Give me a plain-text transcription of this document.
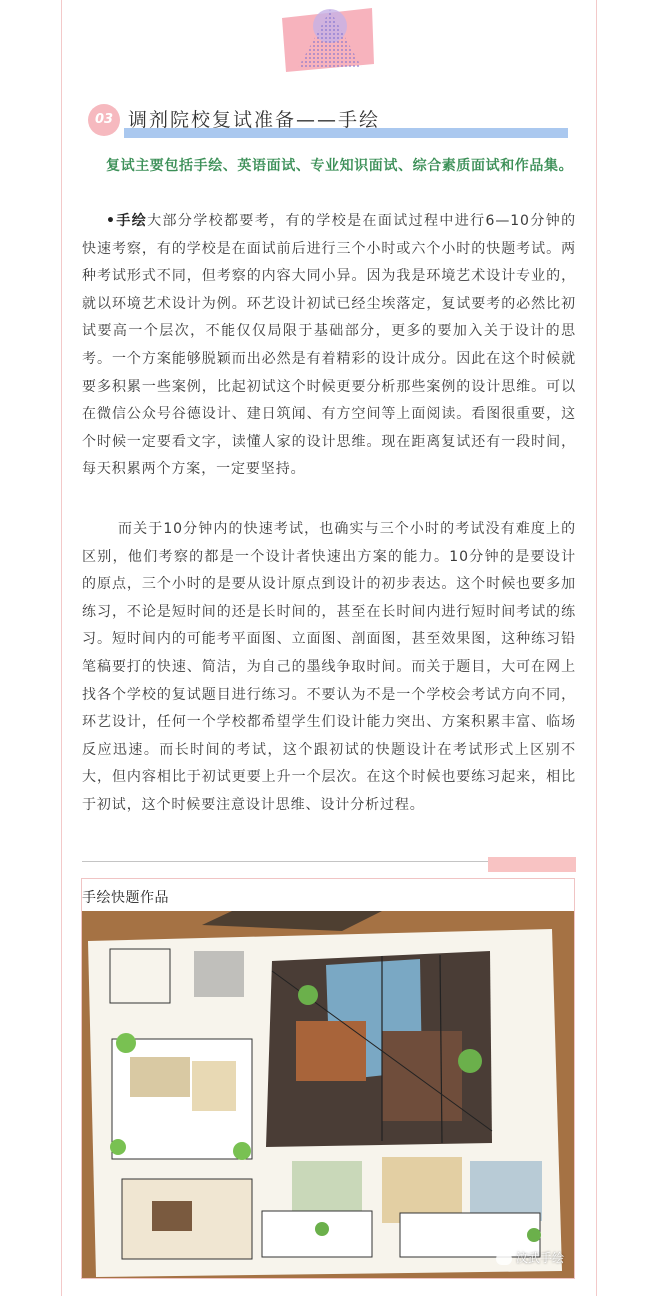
03 调剂院校复试准备——手绘
复试主要包括手绘、英语面试、专业知识面试、综合素质面试和作品集。
•手绘大部分学校都要考，有的学校是在面试过程中进行6—10分钟的快速考察，有的学校是在面试前后进行三个小时或六个小时的快题考试。两种考试形式不同，但考察的内容大同小异。因为我是环境艺术设计专业的，就以环境艺术设计为例。环艺设计初试已经尘埃落定，复试要考的必然比初试要高一个层次，不能仅仅局限于基础部分，更多的要加入关于设计的思考。一个方案能够脱颖而出必然是有着精彩的设计成分。因此在这个时候就要多积累一些案例，比起初试这个时候更要分析那些案例的设计思维。可以在微信公众号谷德设计、建日筑闻、有方空间等上面阅读。看图很重要，这个时候一定要看文字，读懂人家的设计思维。现在距离复试还有一段时间，每天积累两个方案，一定要坚持。
而关于10分钟内的快速考试，也确实与三个小时的考试没有难度上的区别，他们考察的都是一个设计者快速出方案的能力。10分钟的是要设计的原点，三个小时的是要从设计原点到设计的初步表达。这个时候也要多加练习，不论是短时间的还是长时间的，甚至在长时间内进行短时间考试的练习。短时间内的可能考平面图、立面图、剖面图，甚至效果图，这种练习铅笔稿要打的快速、简洁，为自己的墨线争取时间。而关于题目，大可在网上找各个学校的复试题目进行练习。不要认为不是一个学校会考试方向不同，环艺设计，任何一个学校都希望学生们设计能力突出、方案积累丰富、临场反应迅速。而长时间的考试，这个跟初试的快题设计在考试形式上区别不大，但内容相比于初试更要上升一个层次。在这个时候也要练习起来，相比于初试，这个时候要注意设计思维、设计分析过程。
手绘快题作品
汶武手绘
